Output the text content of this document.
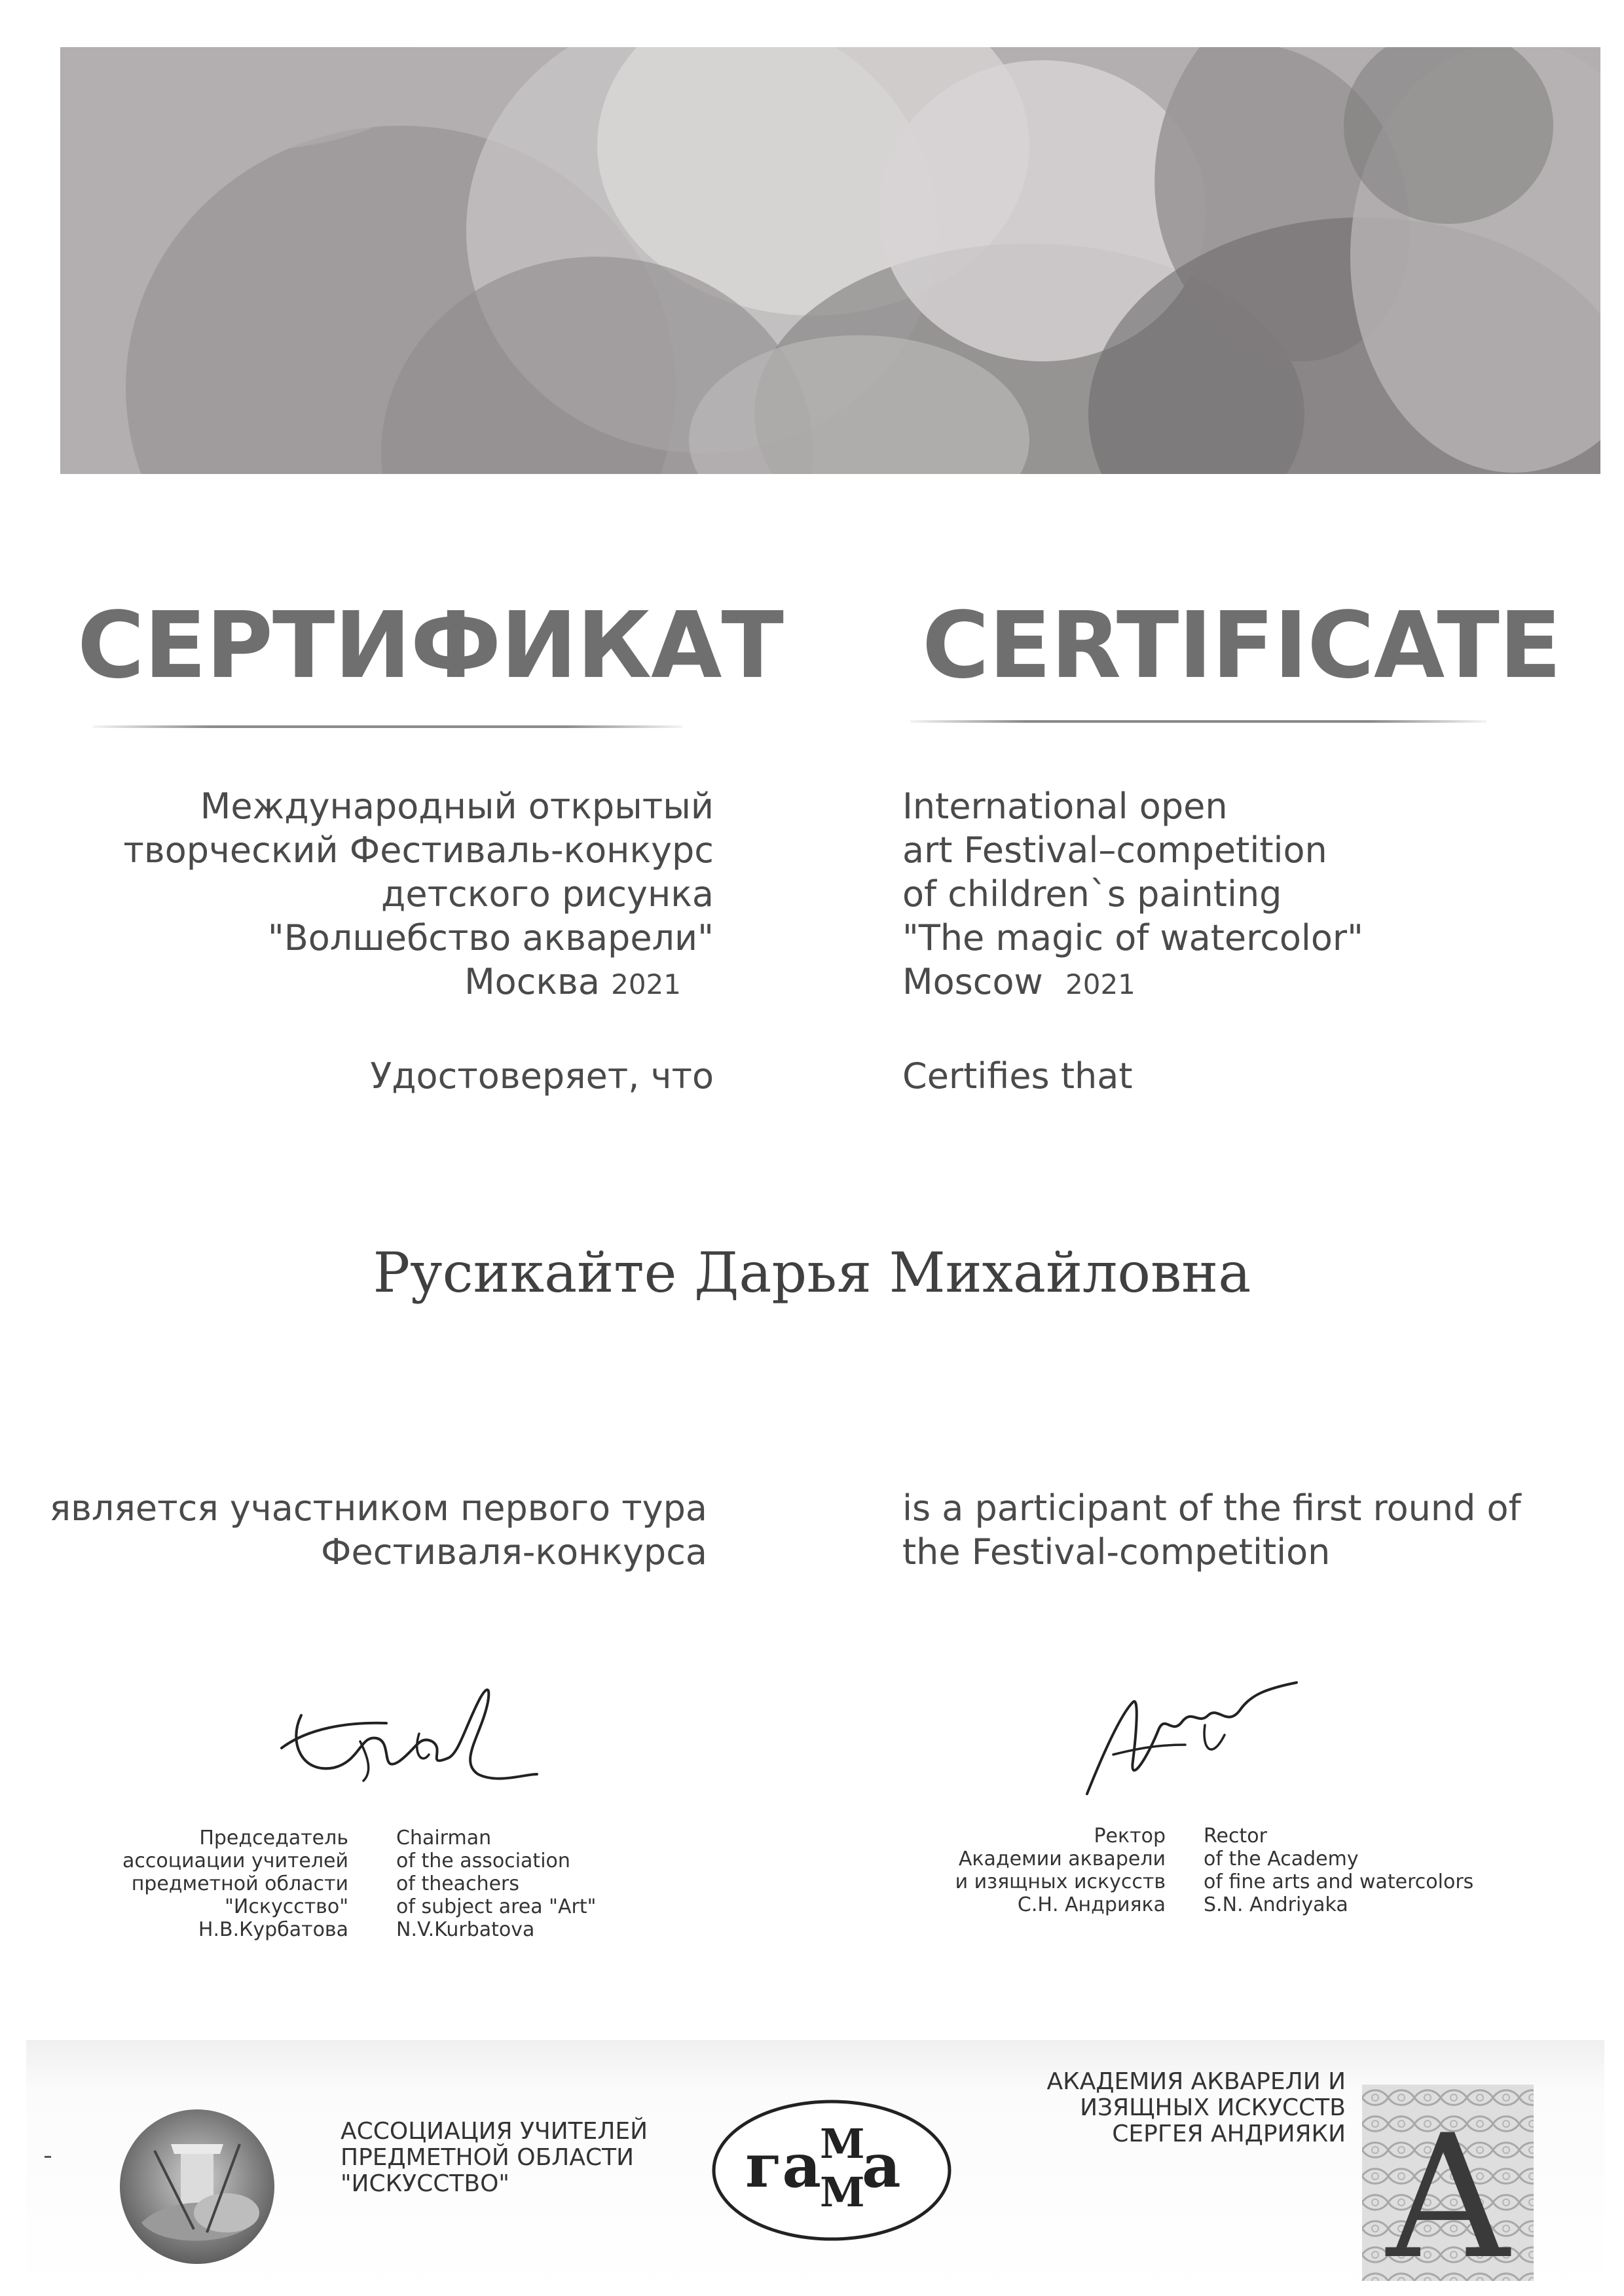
СЕРТИФИКАТ CERTIFICATE
Международный открытый
творческий Фестиваль-конкурс
детского рисунка
"Волшебство акварели"
Москва 2021
International open
art Festival–competition
of children`s painting
"The magic of watercolor"
Moscow 2021
Удостоверяет, что	Certifies that
Русикайте Дарья Михайловна
является участником первого тура
Фестиваля-конкурса
is a participant of the first round of
the Festival-competition
Председатель
ассоциации учителей
предметной области
"Искусство"
Н.В.Курбатова
Chairman
of the association
of theachers
of subject area "Art"
N.V.Kurbatova
Ректор
Академии акварели
и изящных искусств
С.Н. Андрияка
Rector
of the Academy
of fine arts and watercolors
S.N. Andriyaka
АССОЦИАЦИЯ УЧИТЕЛЕЙ
ПРЕДМЕТНОЙ ОБЛАСТИ
"ИСКУССТВО"	га
М
М
а
АКАДЕМИЯ АКВАРЕЛИ И
ИЗЯЩНЫХ ИСКУССТВ
СЕРГЕЯ АНДРИЯКИ А
